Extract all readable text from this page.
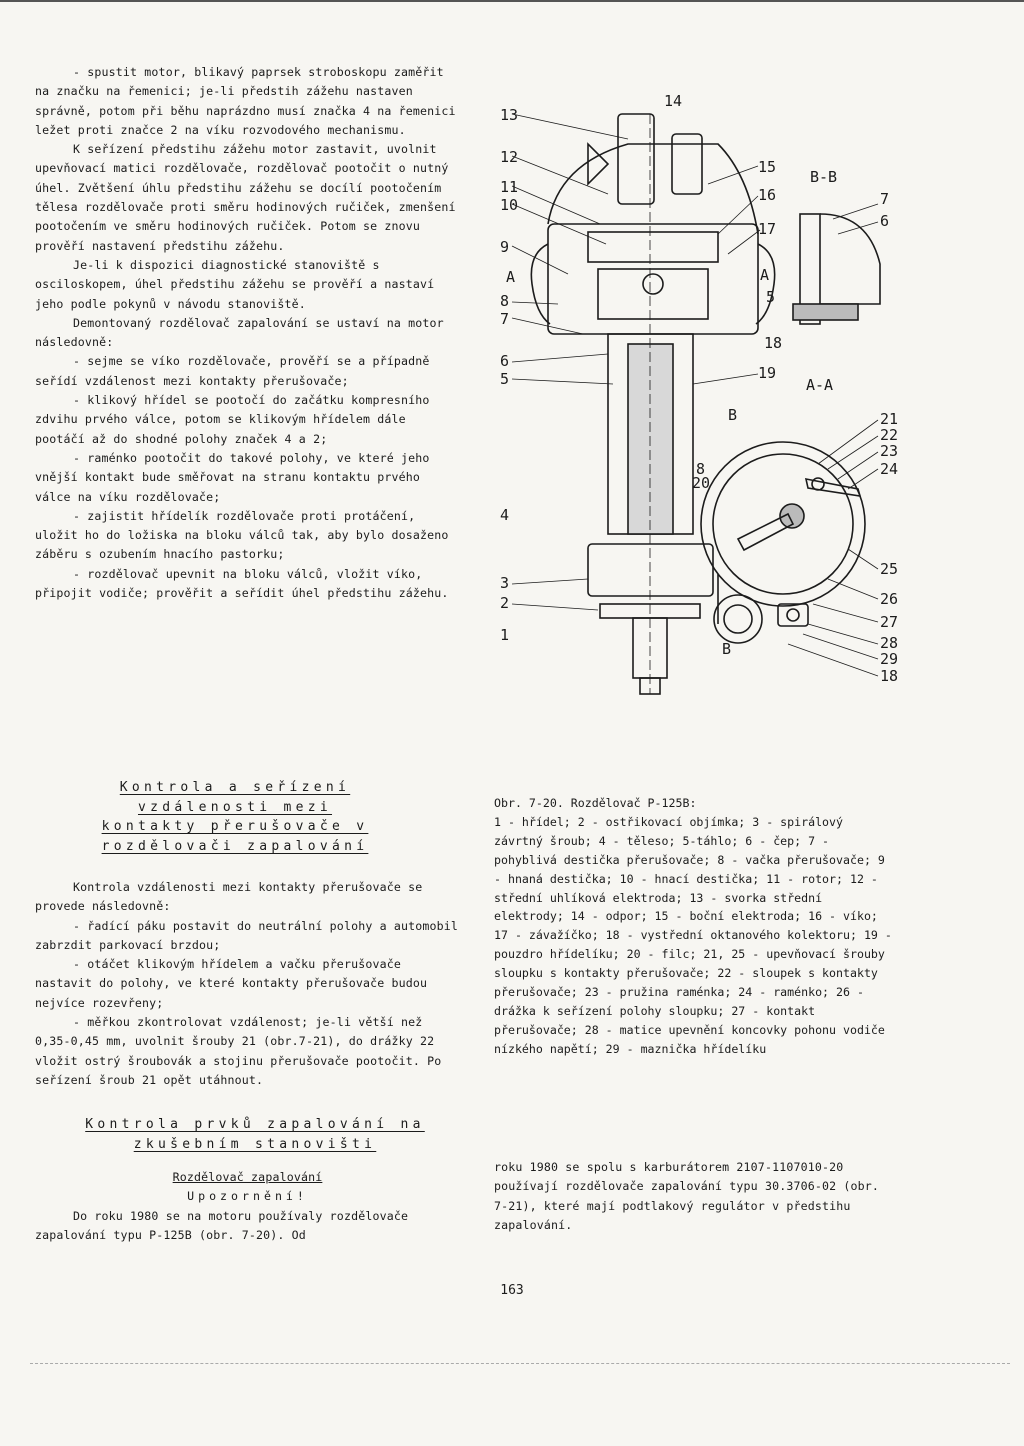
- spustit motor, blikavý paprsek stroboskopu zaměřit na značku na řemenici; je-li předstih zážehu nastaven správně, potom při běhu naprázdno musí značka 4 na řemenici ležet proti značce 2 na víku rozvodového mechanismu.

K seřízení předstihu zážehu motor zastavit, uvolnit upevňovací matici rozdělovače, rozdělovač pootočit o nutný úhel. Zvětšení úhlu předstihu zážehu se docílí pootočením tělesa rozdělovače proti směru hodinových ručiček, zmenšení pootočením ve směru hodinových ručiček. Potom se znovu prověří nastavení předstihu zážehu.

Je-li k dispozici diagnostické stanoviště s osciloskopem, úhel předstihu zážehu se prověří a nastaví jeho podle pokynů v návodu stanoviště.

Demontovaný rozdělovač zapalování se ustaví na motor následovně:

- sejme se víko rozdělovače, prověří se a případně seřídí vzdálenost mezi kontakty přerušovače;

- klikový hřídel se pootočí do začátku kompresního zdvihu prvého válce, potom se klikovým hřídelem dále pootáčí až do shodné polohy značek 4 a 2;

- raménko pootočit do takové polohy, ve které jeho vnější kontakt bude směřovat na stranu kontaktu prvého válce na víku rozdělovače;

- zajistit hřídelík rozdělovače proti protáčení, uložit ho do ložiska na bloku válců tak, aby bylo dosaženo záběru s ozubením hnacího pastorku;

- rozdělovač upevnit na bloku válců, vložit víko, připojit vodiče; prověřit a seřídit úhel předstihu zážehu.

Kontrola a seřízení
vzdálenosti mezi
kontakty přerušovače v
rozdělovači zapalování

Kontrola vzdálenosti mezi kontakty přerušovače se provede následovně:

- řadící páku postavit do neutrální polohy a automobil zabrzdit parkovací brzdou;

- otáčet klikovým hřídelem a vačku přerušovače nastavit do polohy, ve které kontakty přerušovače budou nejvíce rozevřeny;

- měřkou zkontrolovat vzdálenost; je-li větší než 0,35-0,45 mm, uvolnit šrouby 21 (obr.7-21), do drážky 22 vložit ostrý šroubovák a stojinu přerušovače pootočit. Po seřízení šroub 21 opět utáhnout.

Kontrola prvků zapalování na
zkušebním stanovišti
Rozdělovač zapalování
Upozornění!

Do roku 1980 se na motoru používaly rozdělovače zapalování typu P-125B (obr. 7-20). Od

13
14
12
15
11
10
16
17
9
8
7
6
5	19
4
3
2
1
A	A
B-B
A-A
7
6
5
18
B
B
8
20
21
22
23
24
25
26
27
28
29
18

Obr. 7-20. Rozdělovač P-125B:

1 - hřídel; 2 - ostřikovací objímka; 3 - spirálový závrtný šroub; 4 - těleso; 5-táhlo; 6 - čep; 7 - pohyblivá destička přerušovače; 8 - vačka přerušovače; 9 - hnaná destička; 10 - hnací destička; 11 - rotor; 12 - střední uhlíková elektroda; 13 - svorka střední elektrody; 14 - odpor; 15 - boční elektroda; 16 - víko; 17 - závažíčko; 18 - vystřední oktanového kolektoru; 19 - pouzdro hřídelíku; 20 - filc; 21, 25 - upevňovací šrouby sloupku s kontakty přerušovače; 22 - sloupek s kontakty přerušovače; 23 - pružina raménka; 24 - raménko; 26 - drážka k seřízení polohy sloupku; 27 - kontakt přerušovače; 28 - matice upevnění koncovky pohonu vodiče nízkého napětí; 29 - maznička hřídelíku

roku 1980 se spolu s karburátorem 2107-1107010-20 používají rozdělovače zapalování typu 30.3706-02 (obr. 7-21), které mají podtlakový regulátor v předstihu zapalování.

163
